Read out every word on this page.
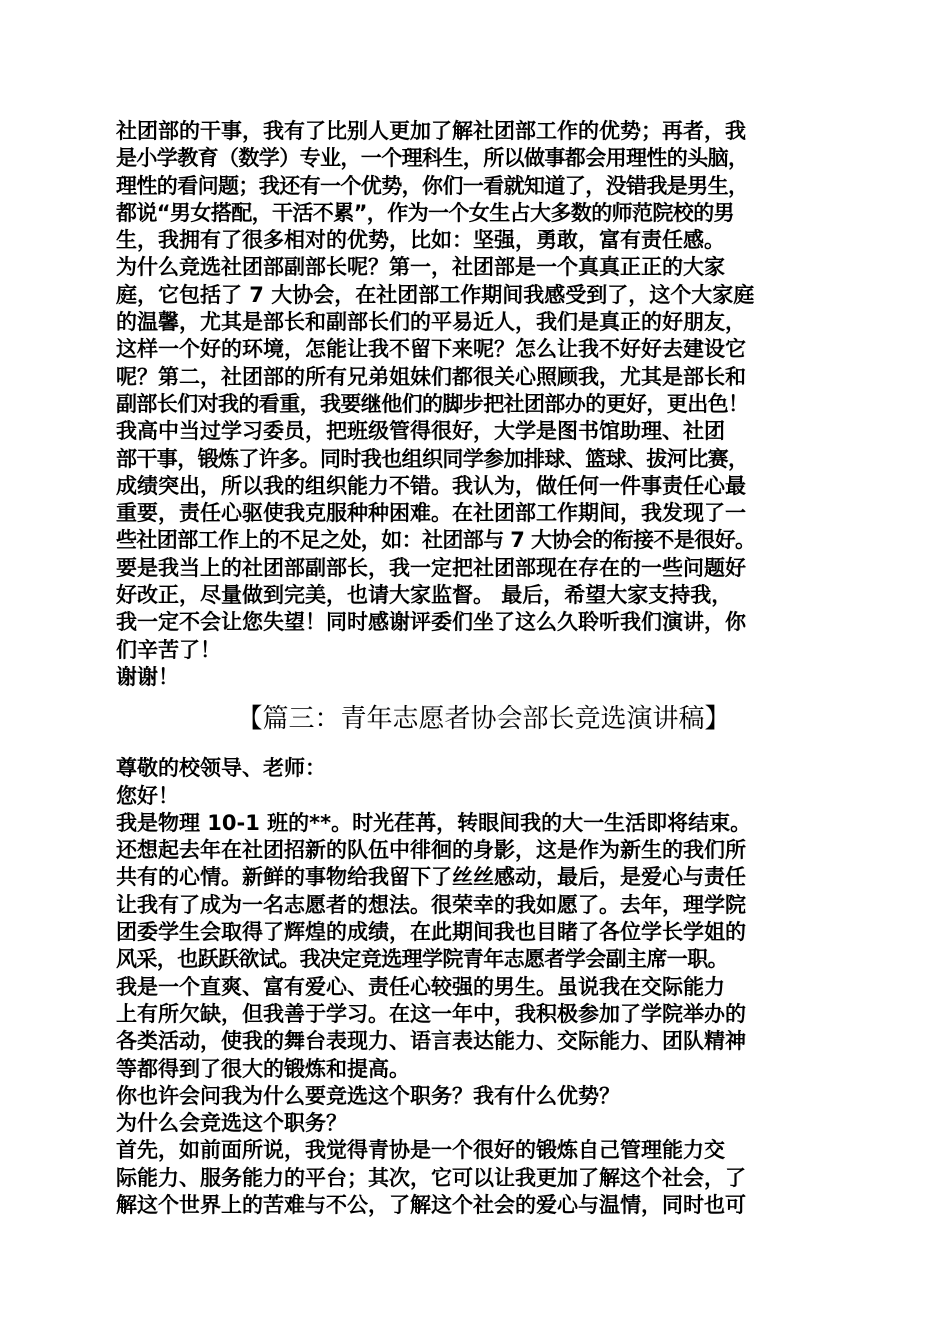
社团部的干事，我有了比别人更加了解社团部工作的优势；再者，我
是小学教育（数学）专业，一个理科生，所以做事都会用理性的头脑，
理性的看问题；我还有一个优势，你们一看就知道了，没错我是男生，
都说“男女搭配，干活不累”，作为一个女生占大多数的师范院校的男
生，我拥有了很多相对的优势，比如：坚强，勇敢，富有责任感。
为什么竞选社团部副部长呢？第一，社团部是一个真真正正的大家
庭，它包括了 7 大协会，在社团部工作期间我感受到了，这个大家庭
的温馨，尤其是部长和副部长们的平易近人，我们是真正的好朋友，
这样一个好的环境，怎能让我不留下来呢？怎么让我不好好去建设它
呢？第二，社团部的所有兄弟姐妹们都很关心照顾我，尤其是部长和
副部长们对我的看重，我要继他们的脚步把社团部办的更好，更出色！
我高中当过学习委员，把班级管得很好，大学是图书馆助理、社团
部干事，锻炼了许多。同时我也组织同学参加排球、篮球、拔河比赛，
成绩突出，所以我的组织能力不错。我认为，做任何一件事责任心最
重要，责任心驱使我克服种种困难。在社团部工作期间，我发现了一
些社团部工作上的不足之处，如：社团部与 7 大协会的衔接不是很好。
要是我当上的社团部副部长，我一定把社团部现在存在的一些问题好
好改正，尽量做到完美，也请大家监督。 最后，希望大家支持我，
我一定不会让您失望！同时感谢评委们坐了这么久聆听我们演讲，你
们辛苦了！
谢谢！
【篇三：青年志愿者协会部长竞选演讲稿】
尊敬的校领导、老师：
您好！
我是物理 10-1 班的**。时光荏苒，转眼间我的大一生活即将结束。
还想起去年在社团招新的队伍中徘徊的身影，这是作为新生的我们所
共有的心情。新鲜的事物给我留下了丝丝感动，最后，是爱心与责任
让我有了成为一名志愿者的想法。很荣幸的我如愿了。去年，理学院
团委学生会取得了辉煌的成绩，在此期间我也目睹了各位学长学姐的
风采，也跃跃欲试。我决定竞选理学院青年志愿者学会副主席一职。
我是一个直爽、富有爱心、责任心较强的男生。虽说我在交际能力
上有所欠缺，但我善于学习。在这一年中，我积极参加了学院举办的
各类活动，使我的舞台表现力、语言表达能力、交际能力、团队精神
等都得到了很大的锻炼和提高。
你也许会问我为什么要竞选这个职务？我有什么优势？
为什么会竞选这个职务？
首先，如前面所说，我觉得青协是一个很好的锻炼自己管理能力交
际能力、服务能力的平台；其次，它可以让我更加了解这个社会，了
解这个世界上的苦难与不公，了解这个社会的爱心与温情，同时也可
